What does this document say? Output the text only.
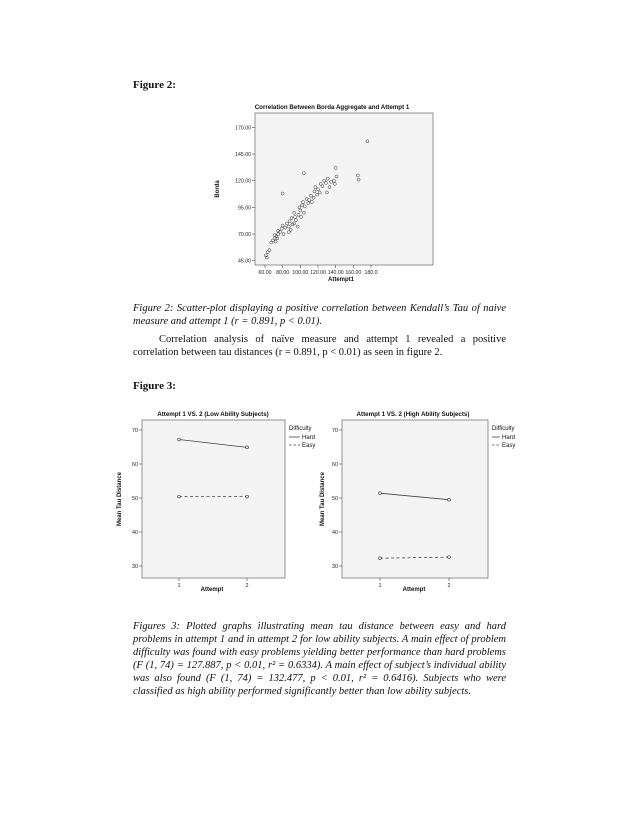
Figure 2:
Correlation Between Borda Aggregate and Attempt 1
45.00
70.00
95.00
120.00
145.00
170.00
60.00 80.00 100.00 120.00 140.00 160.00 180.0
Borda
Attempt1
Figure 2: Scatter-plot displaying a positive correlation between Kendall’s Tau of naive measure and attempt 1 (r = 0.891, p < 0.01).
Correlation analysis of naïve measure and attempt 1 revealed a positive correlation between tau distances (r = 0.891, p < 0.01) as seen in figure 2.
Figure 3:
Attempt 1 VS. 2 (Low Ability Subjects)
30
40
50
60
70
1	2
Mean Tau Distance
Attempt
Difficulty
Hard
Easy
Attempt 1 VS. 2 (High Ability Subjects)
30
40
50
60
70
1	2
Mean Tau Distance
Attempt
Difficulty
Hard
Easy
Figures 3: Plotted graphs illustrating mean tau distance between easy and hard problems in attempt 1 and in attempt 2 for low ability subjects. A main effect of problem difficulty was found with easy problems yielding better performance than hard problems (F (1, 74) = 127.887, p < 0.01, r² = 0.6334). A main effect of subject’s individual ability was also found (F (1, 74) = 132.477, p < 0.01, r² = 0.6416). Subjects who were classified as high ability performed significantly better than low ability subjects.
